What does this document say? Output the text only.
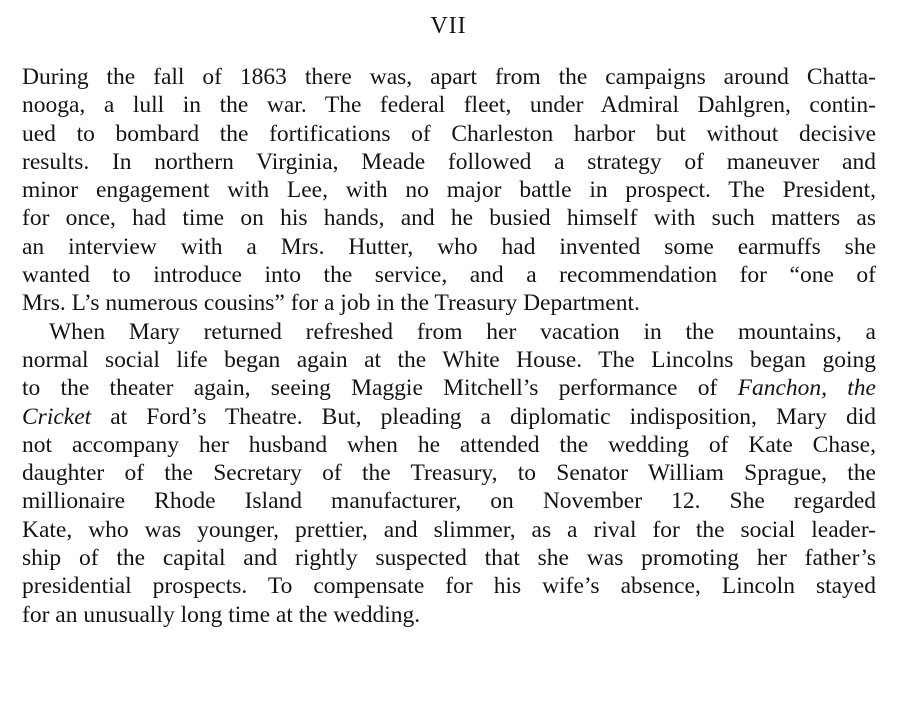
VII
During the fall of 1863 there was, apart from the campaigns around Chatta-
nooga, a lull in the war. The federal fleet, under Admiral Dahlgren, contin-
ued to bombard the fortifications of Charleston harbor but without decisive
results. In northern Virginia, Meade followed a strategy of maneuver and
minor engagement with Lee, with no major battle in prospect. The President,
for once, had time on his hands, and he busied himself with such matters as
an interview with a Mrs. Hutter, who had invented some earmuffs she
wanted to introduce into the service, and a recommendation for “one of
Mrs. L’s numerous cousins” for a job in the Treasury Department.
When Mary returned refreshed from her vacation in the mountains, a
normal social life began again at the White House. The Lincolns began going
to the theater again, seeing Maggie Mitchell’s performance of Fanchon, the
Cricket at Ford’s Theatre. But, pleading a diplomatic indisposition, Mary did
not accompany her husband when he attended the wedding of Kate Chase,
daughter of the Secretary of the Treasury, to Senator William Sprague, the
millionaire Rhode Island manufacturer, on November 12. She regarded
Kate, who was younger, prettier, and slimmer, as a rival for the social leader-
ship of the capital and rightly suspected that she was promoting her father’s
presidential prospects. To compensate for his wife’s absence, Lincoln stayed
for an unusually long time at the wedding.
